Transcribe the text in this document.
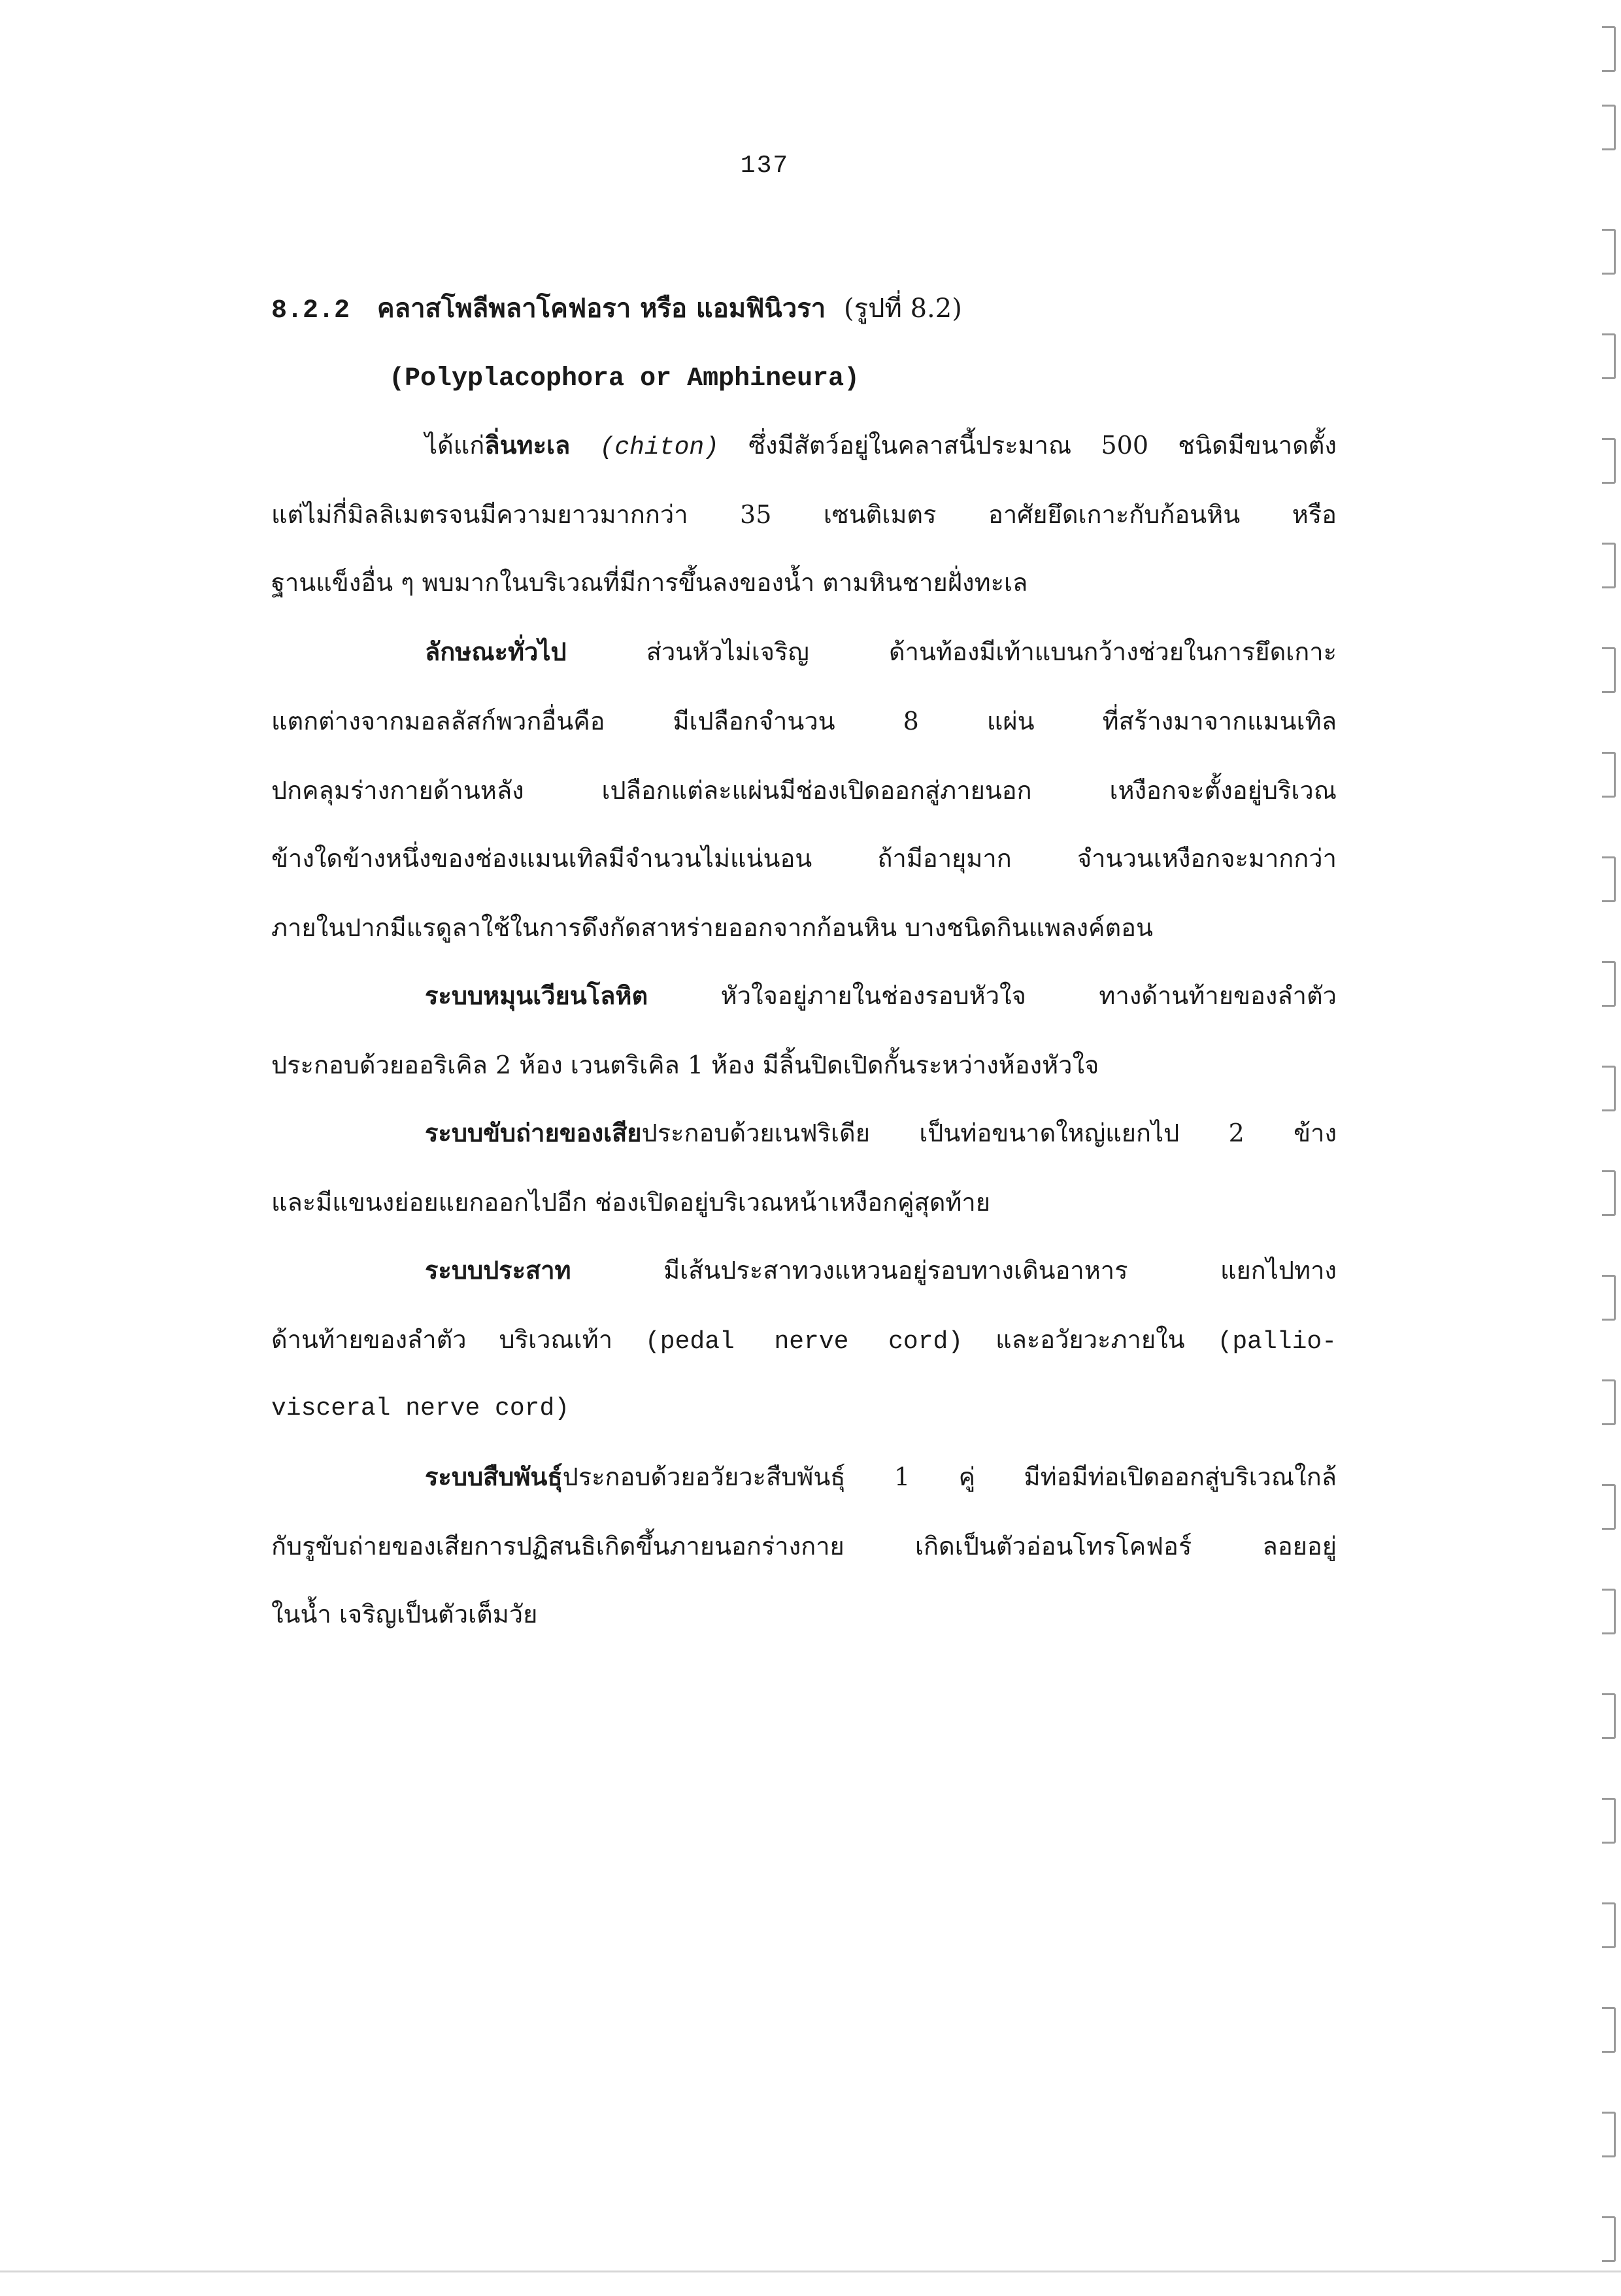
137
8.2.2 คลาสโพลีพลาโคฟอรา หรือ แอมฟินิวรา (รูปที่ 8.2)
(Polyplacophora or Amphineura)
ได้แก่ลิ่นทะเล (chiton) ซึ่งมีสัตว์อยู่ในคลาสนี้ประมาณ 500 ชนิดมีขนาดตั้ง
แต่ไม่กี่มิลลิเมตรจนมีความยาวมากกว่า 35 เซนติเมตร อาศัยยึดเกาะกับก้อนหิน หรือ
ฐานแข็งอื่น ๆ พบมากในบริเวณที่มีการขึ้นลงของน้ำ ตามหินชายฝั่งทะเล
ลักษณะทั่วไป	ส่วนหัวไม่เจริญ ด้านท้องมีเท้าแบนกว้างช่วยในการยึดเกาะ
แตกต่างจากมอลลัสก์พวกอื่นคือ มีเปลือกจำนวน 8 แผ่น ที่สร้างมาจากแมนเทิล
ปกคลุมร่างกายด้านหลัง เปลือกแต่ละแผ่นมีช่องเปิดออกสู่ภายนอก เหงือกจะตั้งอยู่บริเวณ
ข้างใดข้างหนึ่งของช่องแมนเทิลมีจำนวนไม่แน่นอน ถ้ามีอายุมาก จำนวนเหงือกจะมากกว่า
ภายในปากมีแรดูลาใช้ในการดึงกัดสาหร่ายออกจากก้อนหิน บางชนิดกินแพลงค์ตอน
ระบบหมุนเวียนโลหิต	หัวใจอยู่ภายในช่องรอบหัวใจ ทางด้านท้ายของลำตัว
ประกอบด้วยออริเคิล 2 ห้อง เวนตริเคิล 1 ห้อง มีลิ้นปิดเปิดกั้นระหว่างห้องหัวใจ
ระบบขับถ่ายของเสียประกอบด้วยเนฟริเดีย เป็นท่อขนาดใหญ่แยกไป 2 ข้าง
และมีแขนงย่อยแยกออกไปอีก ช่องเปิดอยู่บริเวณหน้าเหงือกคู่สุดท้าย
ระบบประสาท	มีเส้นประสาทวงแหวนอยู่รอบทางเดินอาหาร แยกไปทาง
ด้านท้ายของลำตัว บริเวณเท้า (pedal nerve cord) และอวัยวะภายใน (pallio-
visceral nerve cord)
ระบบสืบพันธุ์ประกอบด้วยอวัยวะสืบพันธุ์ 1 คู่ มีท่อมีท่อเปิดออกสู่บริเวณใกล้
กับรูขับถ่ายของเสียการปฏิสนธิเกิดขึ้นภายนอกร่างกาย เกิดเป็นตัวอ่อนโทรโคฟอร์ ลอยอยู่
ในน้ำ เจริญเป็นตัวเต็มวัย
